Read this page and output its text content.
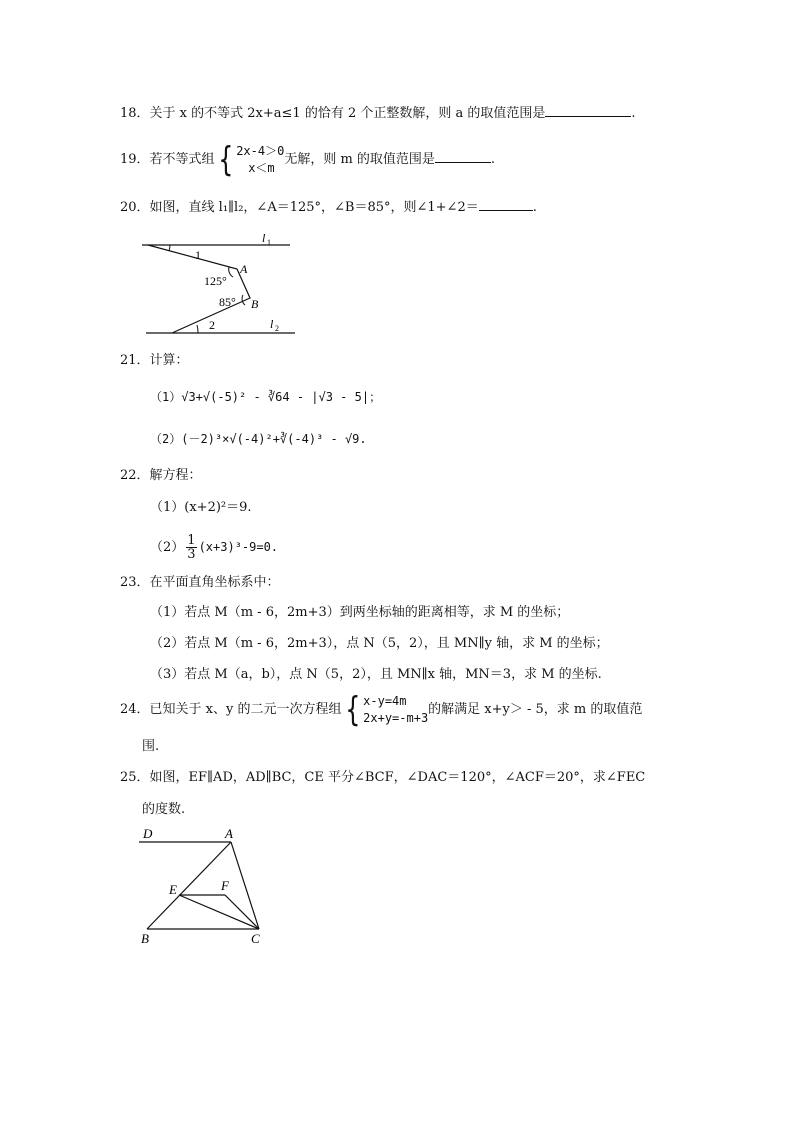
18．关于 x 的不等式 2x+a≤1 的恰有 2 个正整数解，则 a 的取值范围是	.
19．若不等式组 { 2x-4＞0
x＜m
无解，则 m 的取值范围是	.
20．如图，直线 l₁∥l₂，∠A＝125°，∠B＝85°，则∠1+∠2＝	.
l 1
l 2
1
2
A
B
125°
85°
21．计算：
（1）√3+√(-5)² - ∛64 - |√3 - 5|；
（2）(－2)³×√(-4)²+∛(-4)³ - √9.
22．解方程：
（1）(x+2)²＝9.
$(2) \frac{1}{3} (x+3)^3-9=0$.
23．在平面直角坐标系中：
（1）若点 M（m - 6，2m+3）到两坐标轴的距离相等，求 M 的坐标；
（2）若点 M（m - 6，2m+3），点 N（5，2），且 MN∥y 轴，求 M 的坐标；
（3）若点 M（a，b），点 N（5，2），且 MN∥x 轴，MN＝3，求 M 的坐标.
24．已知关于 x、y 的二元一次方程组 { x-y=4m
2x+y=-m+3
的解满足 x+y＞ - 5，求 m 的取值范
围.
25．如图，EF∥AD，AD∥BC，CE 平分∠BCF，∠DAC＝120°，∠ACF＝20°，求∠FEC
的度数.
D	A
E	F
B	C
